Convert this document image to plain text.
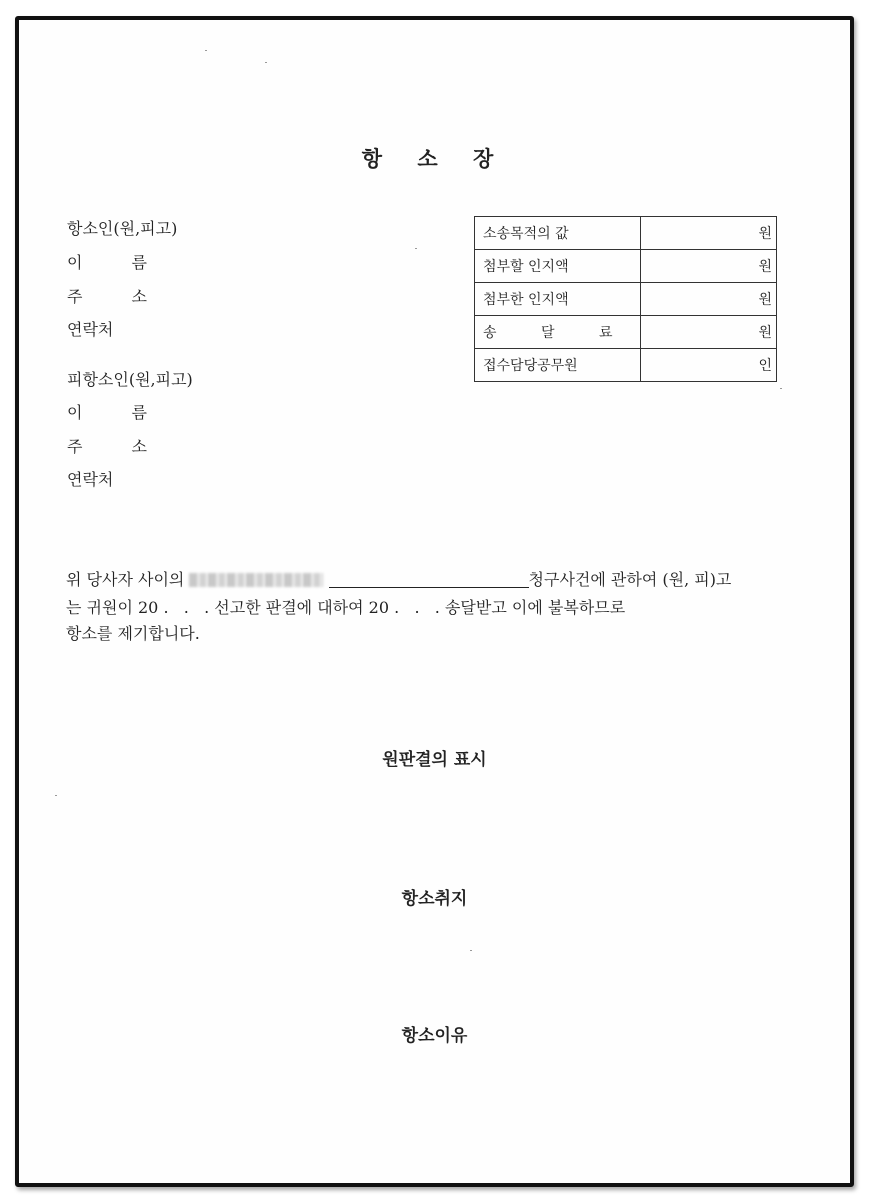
항 소 장
항소인(원,피고)
이 름
주 소
연락처
피항소인(원,피고)
이 름
주 소
연락처
소송목적의 값	원
첨부할 인지액	원
첨부한 인지액	원
송 달 료	원
접수담당공무원	인
위 당사자 사이의	청구사건에 관하여 (원, 피)고
는 귀원이 20 .   .   . 선고한 판결에 대하여 20 .   .   . 송달받고 이에 불복하므로
항소를 제기합니다.
원판결의 표시
항소취지
항소이유
